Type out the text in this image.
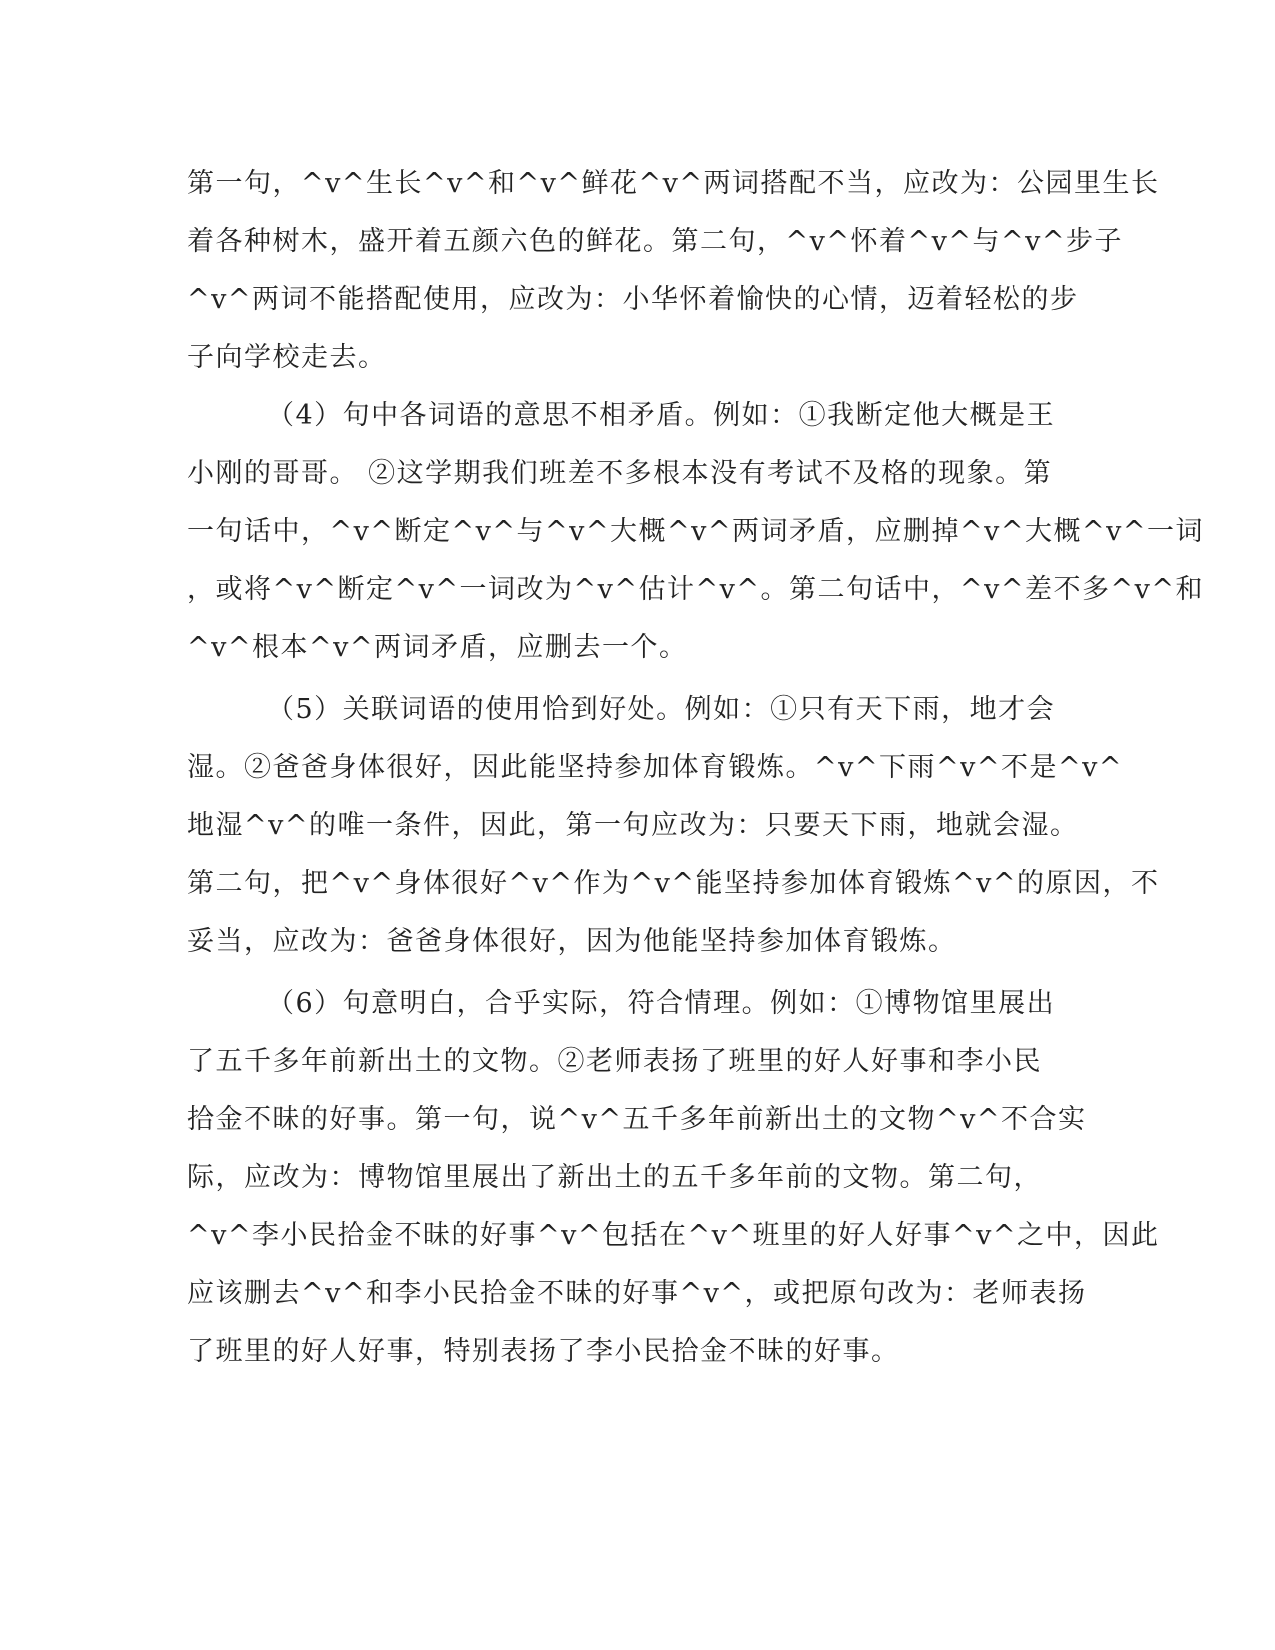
第一句，^v^生长^v^和^v^鲜花^v^两词搭配不当，应改为：公园里生长
着各种树木，盛开着五颜六色的鲜花。第二句，^v^怀着^v^与^v^步子
^v^两词不能搭配使用，应改为：小华怀着愉快的心情，迈着轻松的步
子向学校走去。
（4）句中各词语的意思不相矛盾。例如：①我断定他大概是王
小刚的哥哥。 ②这学期我们班差不多根本没有考试不及格的现象。第
一句话中，^v^断定^v^与^v^大概^v^两词矛盾，应删掉^v^大概^v^一词
，或将^v^断定^v^一词改为^v^估计^v^。第二句话中，^v^差不多^v^和
^v^根本^v^两词矛盾，应删去一个。
（5）关联词语的使用恰到好处。例如：①只有天下雨，地才会
湿。②爸爸身体很好，因此能坚持参加体育锻炼。^v^下雨^v^不是^v^
地湿^v^的唯一条件，因此，第一句应改为：只要天下雨，地就会湿。
第二句，把^v^身体很好^v^作为^v^能坚持参加体育锻炼^v^的原因，不
妥当，应改为：爸爸身体很好，因为他能坚持参加体育锻炼。
（6）句意明白，合乎实际，符合情理。例如：①博物馆里展出
了五千多年前新出土的文物。②老师表扬了班里的好人好事和李小民
拾金不昧的好事。第一句，说^v^五千多年前新出土的文物^v^不合实
际，应改为：博物馆里展出了新出土的五千多年前的文物。第二句，
^v^李小民拾金不昧的好事^v^包括在^v^班里的好人好事^v^之中，因此
应该删去^v^和李小民拾金不昧的好事^v^，或把原句改为：老师表扬
了班里的好人好事，特别表扬了李小民拾金不昧的好事。
